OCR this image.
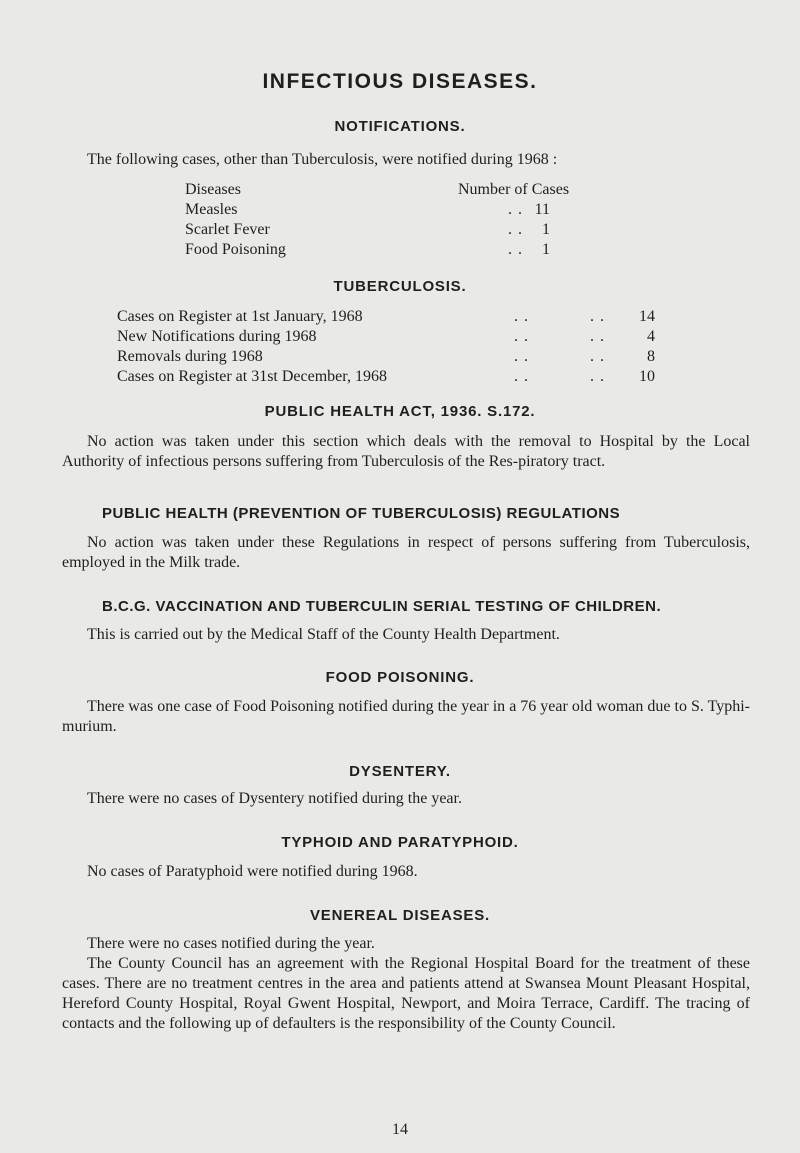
INFECTIOUS DISEASES.
NOTIFICATIONS.

The following cases, other than Tuberculosis, were notified during 1968 :

Diseases	Number of Cases
Measles	. . 11
Scarlet Fever	. .	1
Food Poisoning	. .	1
TUBERCULOSIS.
Cases on Register at 1st January, 1968	. .	. .	14
New Notifications during 1968	. .	. .	4
Removals during 1968	. .	. .	8
Cases on Register at 31st December, 1968	. .	. .	10
PUBLIC HEALTH ACT, 1936. S.172.

No action was taken under this section which deals with the removal to Hospital by the Local Authority of infectious persons suffering from Tuberculosis of the Res-piratory tract.

PUBLIC HEALTH (PREVENTION OF TUBERCULOSIS) REGULATIONS

No action was taken under these Regulations in respect of persons suffering from Tuberculosis, employed in the Milk trade.

B.C.G. VACCINATION AND TUBERCULIN SERIAL TESTING OF CHILDREN.

This is carried out by the Medical Staff of the County Health Department.

FOOD POISONING.

There was one case of Food Poisoning notified during the year in a 76 year old woman due to S. Typhi-murium.

DYSENTERY.

There were no cases of Dysentery notified during the year.

TYPHOID AND PARATYPHOID.

No cases of Paratyphoid were notified during 1968.

VENEREAL DISEASES.

There were no cases notified during the year.

The County Council has an agreement with the Regional Hospital Board for the treatment of these cases. There are no treatment centres in the area and patients attend at Swansea Mount Pleasant Hospital, Hereford County Hospital, Royal Gwent Hospital, Newport, and Moira Terrace, Cardiff. The tracing of contacts and the following up of defaulters is the responsibility of the County Council.

14
